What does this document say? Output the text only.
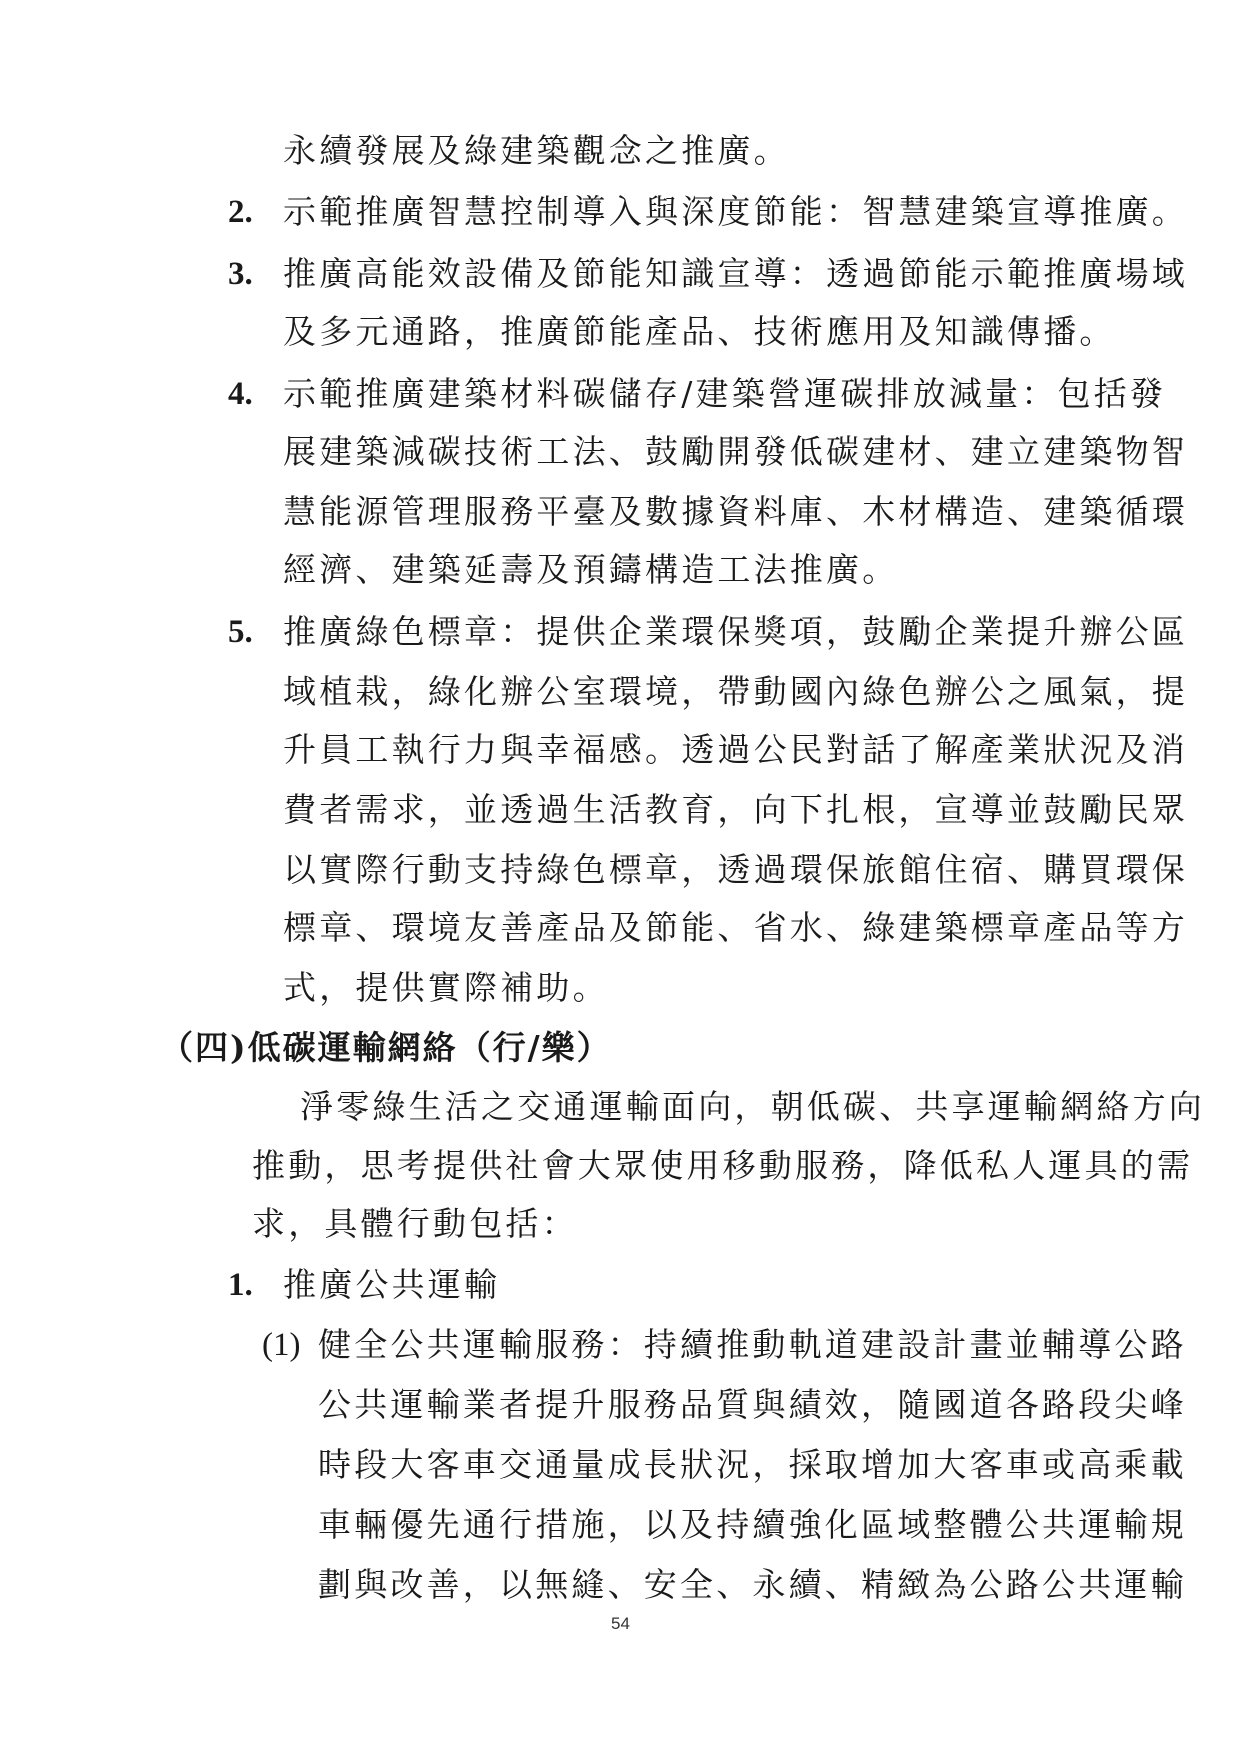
永續發展及綠建築觀念之推廣。
2. 示範推廣智慧控制導入與深度節能：智慧建築宣導推廣。
3. 推廣高能效設備及節能知識宣導：透過節能示範推廣場域
及多元通路，推廣節能產品、技術應用及知識傳播。
4. 示範推廣建築材料碳儲存/建築營運碳排放減量：包括發
展建築減碳技術工法、鼓勵開發低碳建材、建立建築物智
慧能源管理服務平臺及數據資料庫、木材構造、建築循環
經濟、建築延壽及預鑄構造工法推廣。
5. 推廣綠色標章：提供企業環保獎項，鼓勵企業提升辦公區
域植栽，綠化辦公室環境，帶動國內綠色辦公之風氣，提
升員工執行力與幸福感。透過公民對話了解產業狀況及消
費者需求，並透過生活教育，向下扎根，宣導並鼓勵民眾
以實際行動支持綠色標章，透過環保旅館住宿、購買環保
標章、環境友善產品及節能、省水、綠建築標章產品等方
式，提供實際補助。
（四)低碳運輸網絡（行/樂）
淨零綠生活之交通運輸面向，朝低碳、共享運輸網絡方向
推動，思考提供社會大眾使用移動服務，降低私人運具的需
求，具體行動包括：
1. 推廣公共運輸
(1) 健全公共運輸服務：持續推動軌道建設計畫並輔導公路
公共運輸業者提升服務品質與績效，隨國道各路段尖峰
時段大客車交通量成長狀況，採取增加大客車或高乘載
車輛優先通行措施，以及持續強化區域整體公共運輸規
劃與改善，以無縫、安全、永續、精緻為公路公共運輸
54
